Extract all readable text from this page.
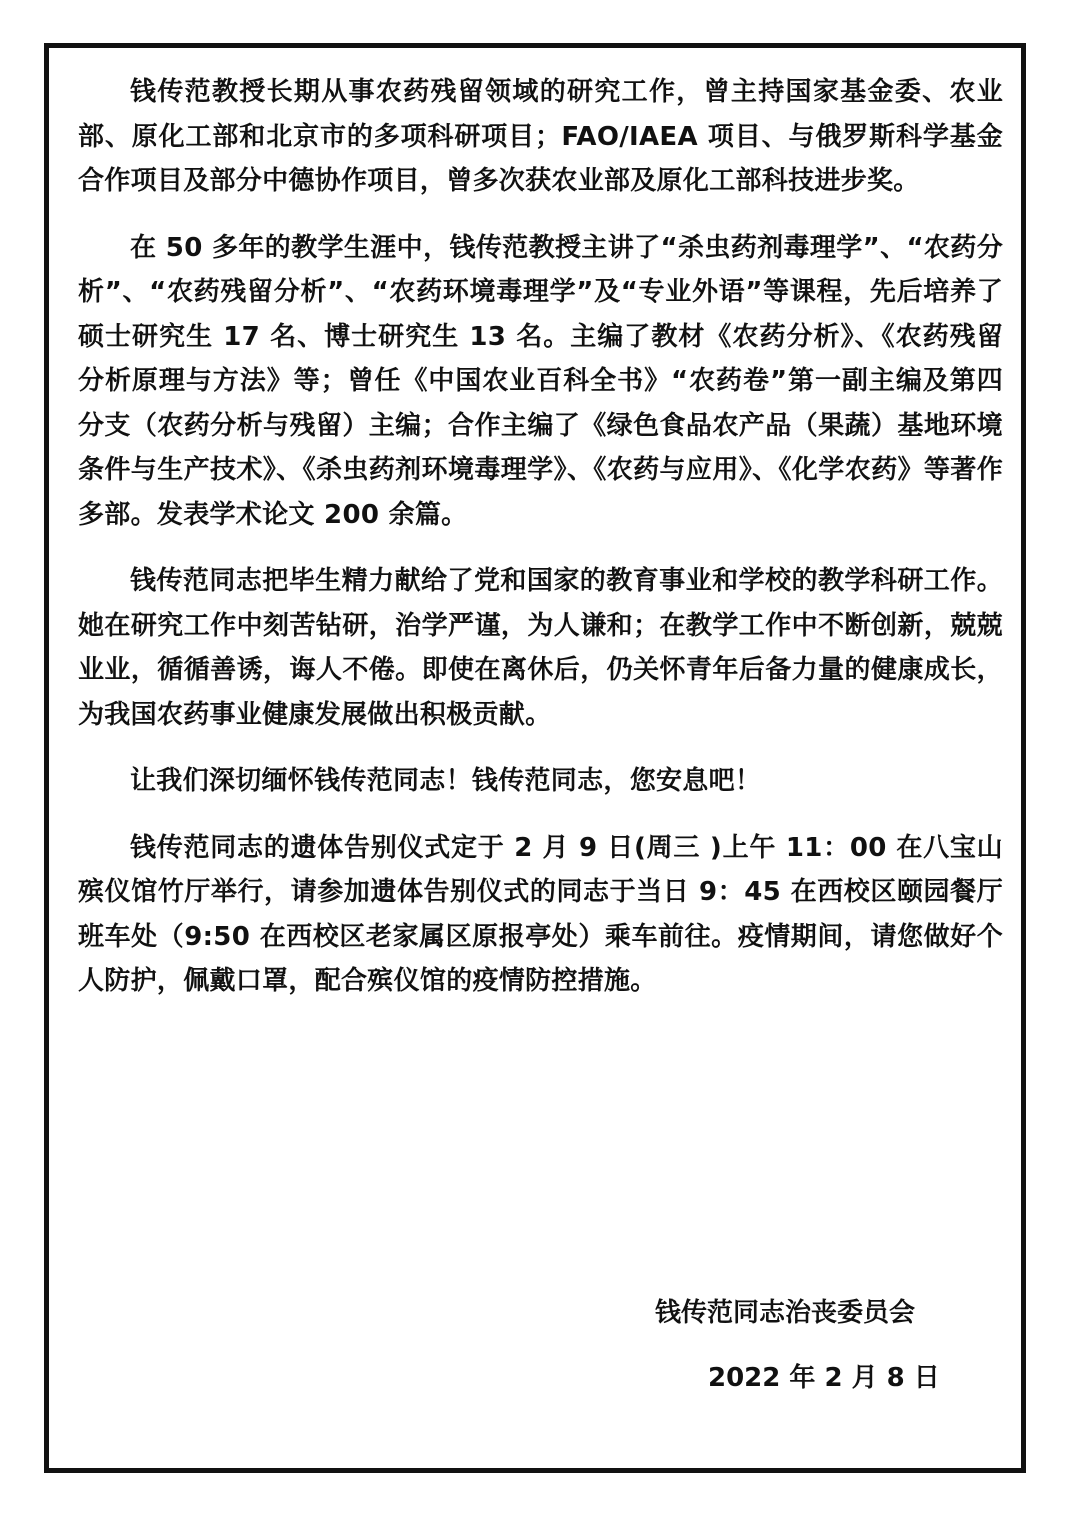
钱传范教授长期从事农药残留领域的研究工作，曾主持国家基金委、农业部、原化工部和北京市的多项科研项目；FAO/IAEA 项目、与俄罗斯科学基金合作项目及部分中德协作项目，曾多次获农业部及原化工部科技进步奖。

在 50 多年的教学生涯中，钱传范教授主讲了“杀虫药剂毒理学”、“农药分析”、“农药残留分析”、“农药环境毒理学”及“专业外语”等课程，先后培养了硕士研究生 17 名、博士研究生 13 名。主编了教材《农药分析》、《农药残留分析原理与方法》等；曾任《中国农业百科全书》“农药卷”第一副主编及第四分支（农药分析与残留）主编；合作主编了《绿色食品农产品（果蔬）基地环境条件与生产技术》、《杀虫药剂环境毒理学》、《农药与应用》、《化学农药》等著作多部。发表学术论文 200 余篇。

钱传范同志把毕生精力献给了党和国家的教育事业和学校的教学科研工作。她在研究工作中刻苦钻研，治学严谨，为人谦和；在教学工作中不断创新，兢兢业业，循循善诱，诲人不倦。即使在离休后，仍关怀青年后备力量的健康成长，为我国农药事业健康发展做出积极贡献。

让我们深切缅怀钱传范同志！钱传范同志，您安息吧！

钱传范同志的遗体告别仪式定于 2 月 9 日(周三 )上午 11：00 在八宝山殡仪馆竹厅举行，请参加遗体告别仪式的同志于当日 9：45 在西校区颐园餐厅班车处（9:50 在西校区老家属区原报亭处）乘车前往。疫情期间，请您做好个人防护，佩戴口罩，配合殡仪馆的疫情防控措施。

钱传范同志治丧委员会
2022 年 2 月 8 日
